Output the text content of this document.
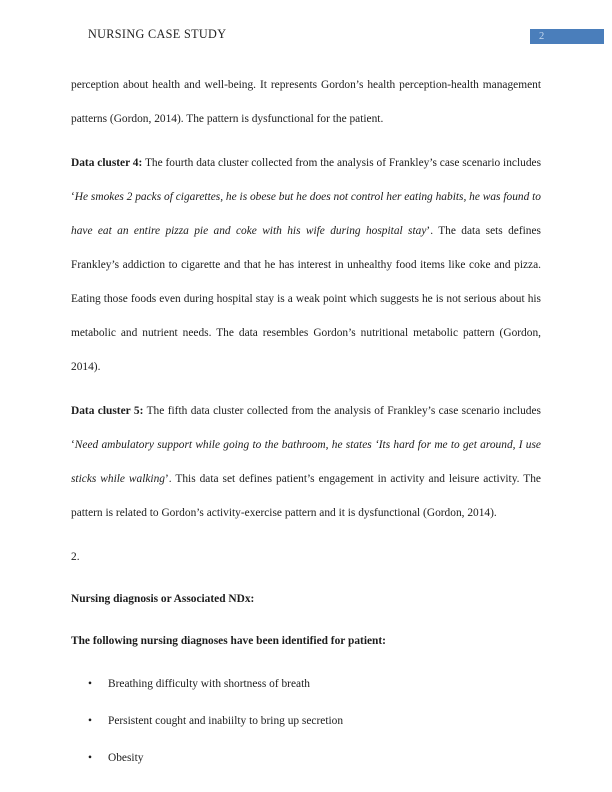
NURSING CASE STUDY	2

perception about health and well-being. It represents Gordon’s health perception-health management patterns (Gordon, 2014). The pattern is dysfunctional for the patient.

Data cluster 4: The fourth data cluster collected from the analysis of Frankley’s case scenario includes ‘He smokes 2 packs of cigarettes, he is obese but he does not control her eating habits, he was found to have eat an entire pizza pie and coke with his wife during hospital stay’. The data sets defines Frankley’s addiction to cigarette and that he has interest in unhealthy food items like coke and pizza. Eating those foods even during hospital stay is a weak point which suggests he is not serious about his metabolic and nutrient needs. The data resembles Gordon’s nutritional metabolic pattern (Gordon, 2014).

Data cluster 5: The fifth data cluster collected from the analysis of Frankley’s case scenario includes ‘Need ambulatory support while going to the bathroom, he states ‘Its hard for me to get around, I use sticks while walking’. This data set defines patient’s engagement in activity and leisure activity. The pattern is related to Gordon’s activity-exercise pattern and it is dysfunctional (Gordon, 2014).

2.
Nursing diagnosis or Associated NDx:
The following nursing diagnoses have been identified for patient:
• Breathing difficulty with shortness of breath
• Persistent cought and inabiilty to bring up secretion
• Obesity
